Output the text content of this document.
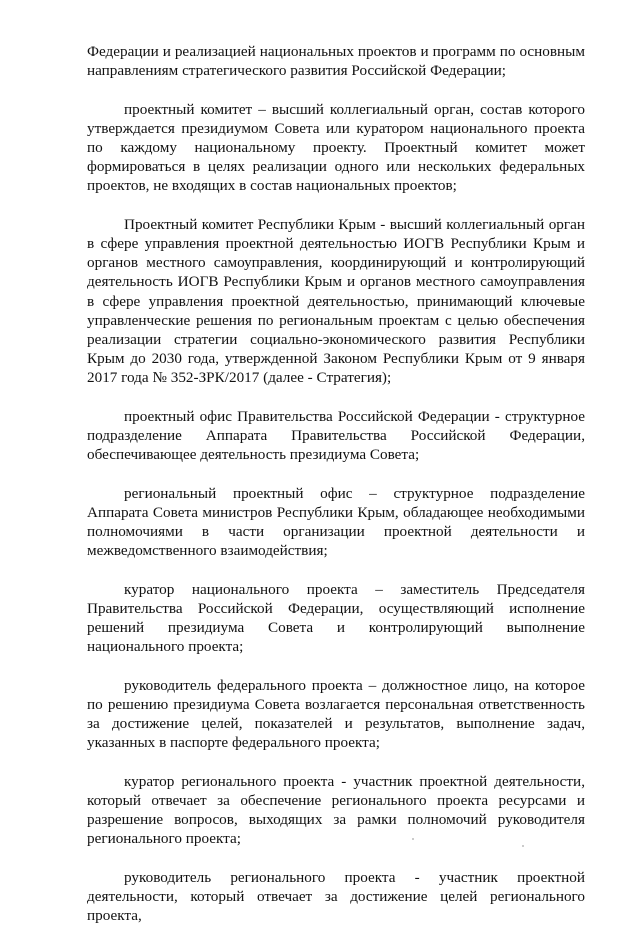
Федерации и реализацией национальных проектов и программ по основным направлениям стратегического развития Российской Федерации;

проектный комитет – высший коллегиальный орган, состав которого утверждается президиумом Совета или куратором национального проекта по каждому национальному проекту. Проектный комитет может формироваться в целях реализации одного или нескольких федеральных проектов, не входящих в состав национальных проектов;

Проектный комитет Республики Крым - высший коллегиальный орган в сфере управления проектной деятельностью ИОГВ Республики Крым и органов местного самоуправления, координирующий и контролирующий деятельность ИОГВ Республики Крым и органов местного самоуправления в сфере управления проектной деятельностью, принимающий ключевые управленческие решения по региональным проектам с целью обеспечения реализации стратегии социально-экономического развития Республики Крым до 2030 года, утвержденной Законом Республики Крым от 9 января 2017 года № 352-ЗРК/2017 (далее - Стратегия);

проектный офис Правительства Российской Федерации - структурное подразделение Аппарата Правительства Российской Федерации, обеспечивающее деятельность президиума Совета;

региональный проектный офис – структурное подразделение Аппарата Совета министров Республики Крым, обладающее необходимыми полномочиями в части организации проектной деятельности и межведомственного взаимодействия;

куратор национального проекта – заместитель Председателя Правительства Российской Федерации, осуществляющий исполнение решений президиума Совета и контролирующий выполнение национального проекта;

руководитель федерального проекта – должностное лицо, на которое по решению президиума Совета возлагается персональная ответственность за достижение целей, показателей и результатов, выполнение задач, указанных в паспорте федерального проекта;

куратор регионального проекта - участник проектной деятельности, который отвечает за обеспечение регионального проекта ресурсами и разрешение вопросов, выходящих за рамки полномочий руководителя регионального проекта;

руководитель регионального проекта - участник проектной деятельности, который отвечает за достижение целей регионального проекта,
